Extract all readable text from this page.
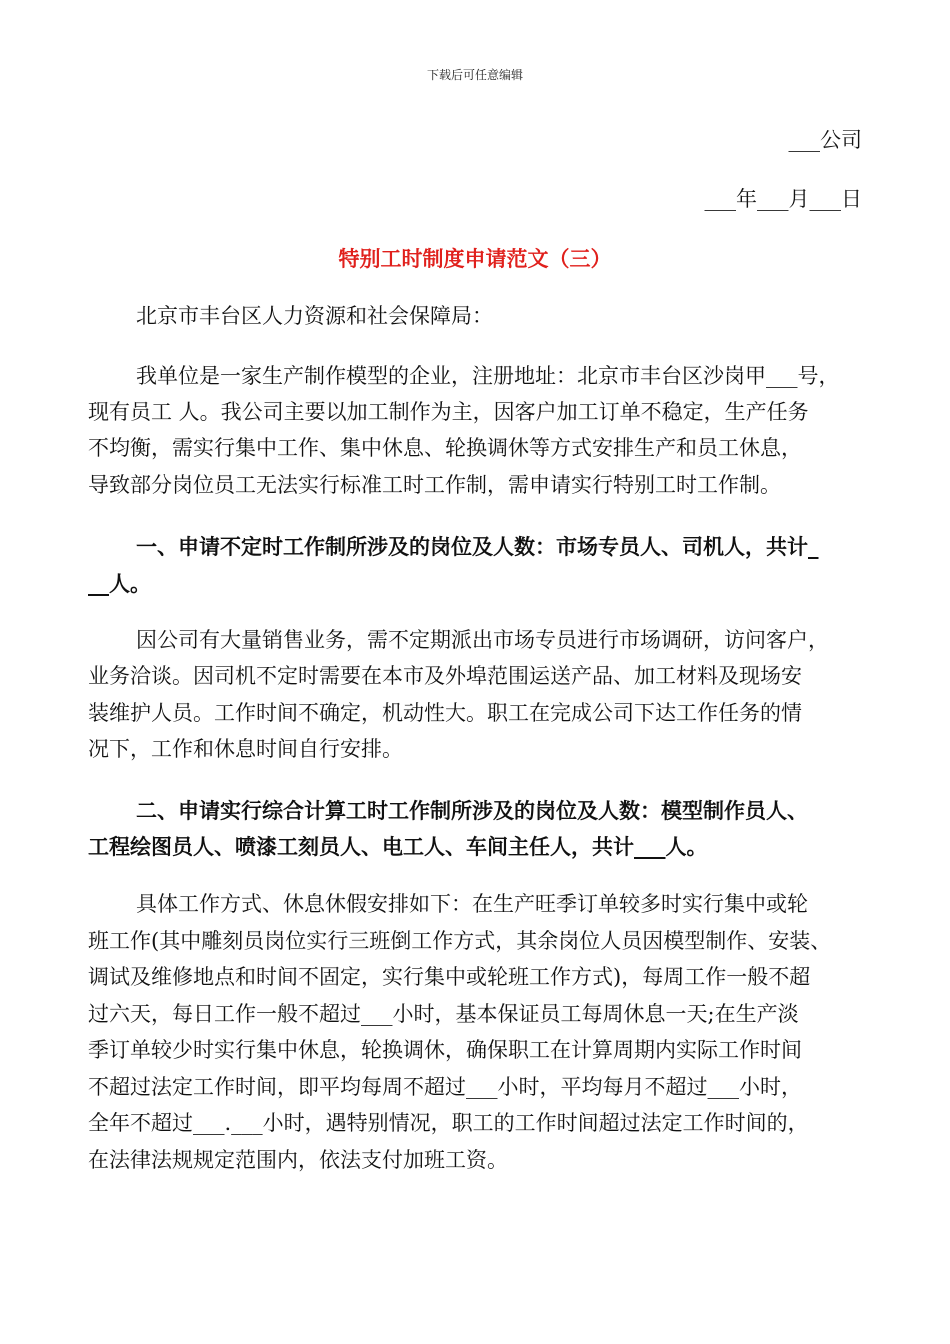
下载后可任意编辑
___公司
___年___月___日
特别工时制度申请范文（三）
北京市丰台区人力资源和社会保障局：
我单位是一家生产制作模型的企业，注册地址：北京市丰台区沙岗甲___号，
现有员工 人。我公司主要以加工制作为主，因客户加工订单不稳定，生产任务
不均衡，需实行集中工作、集中休息、轮换调休等方式安排生产和员工休息，
导致部分岗位员工无法实行标准工时工作制，需申请实行特别工时工作制。
一、申请不定时工作制所涉及的岗位及人数：市场专员人、司机人，共计_
__人。
因公司有大量销售业务，需不定期派出市场专员进行市场调研，访问客户，
业务洽谈。因司机不定时需要在本市及外埠范围运送产品、加工材料及现场安
装维护人员。工作时间不确定，机动性大。职工在完成公司下达工作任务的情
况下，工作和休息时间自行安排。
二、申请实行综合计算工时工作制所涉及的岗位及人数：模型制作员人、
工程绘图员人、喷漆工刻员人、电工人、车间主任人，共计___人。
具体工作方式、休息休假安排如下：在生产旺季订单较多时实行集中或轮
班工作(其中雕刻员岗位实行三班倒工作方式，其余岗位人员因模型制作、安装、
调试及维修地点和时间不固定，实行集中或轮班工作方式)，每周工作一般不超
过六天，每日工作一般不超过___小时，基本保证员工每周休息一天;在生产淡
季订单较少时实行集中休息，轮换调休，确保职工在计算周期内实际工作时间
不超过法定工作时间，即平均每周不超过___小时，平均每月不超过___小时，
全年不超过___.___小时，遇特别情况，职工的工作时间超过法定工作时间的，
在法律法规规定范围内，依法支付加班工资。
